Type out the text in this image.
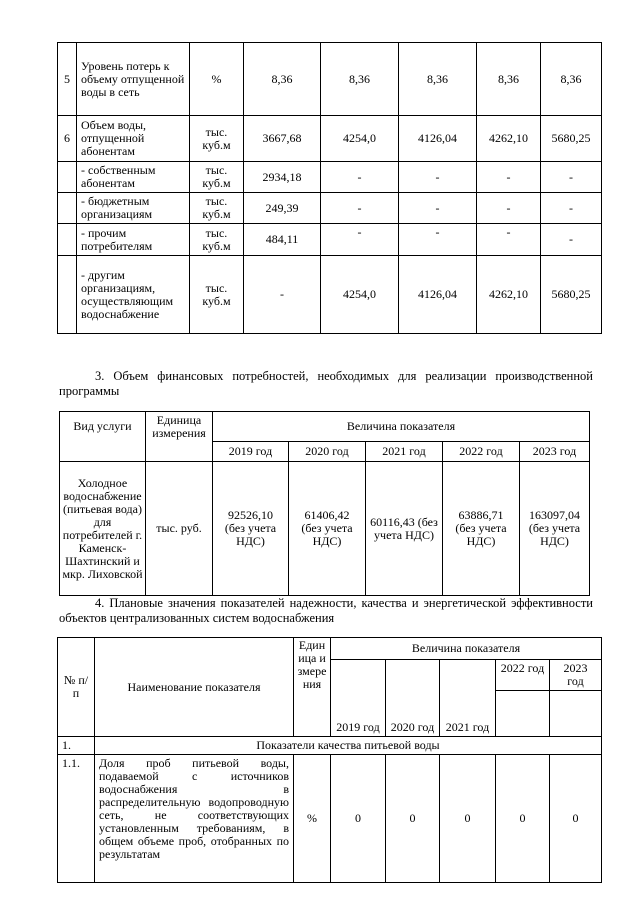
5	Уровень потерь к объему отпущенной воды в сеть	%	8,36	8,36	8,36	8,36	8,36
6	Объем воды, отпущенной абонентам	тыс. куб.м	3667,68	4254,0	4126,04	4262,10	5680,25
	- собственным абонентам	тыс. куб.м	2934,18	-	-	-	-
	- бюджетным организациям	тыс. куб.м	249,39	-	-	-	-
	- прочим потребителям	тыс. куб.м	484,11	-	-	-	-
	- другим организациям, осуществляющим водоснабжение	тыс. куб.м	-	4254,0	4126,04	4262,10	5680,25
3. Объем финансовых потребностей, необходимых для реализации производственной программы
Вид услуги	Единица измерения	Величина показателя				
		2019 год	2020 год	2021 год	2022 год	2023 год
Холодное водоснабжение (питьевая вода) для потребителей г. Каменск-Шахтинский и мкр. Лиховской	тыс. руб.	92526,10 (без учета НДС)	61406,42 (без учета НДС)	60116,43 (без учета НДС)	63886,71 (без учета НДС)	163097,04 (без учета НДС)
4. Плановые значения показателей надежности, качества и энергетической эффективности объектов централизованных систем водоснабжения
№ п/п	Наименование показателя	Единица измерения	Величина показателя				
			2019 год	2020 год	2021 год	2022 год	2023 год

1.	Показатели качества питьевой воды						
1.1.	Доля проб питьевой воды, подаваемой с источников водоснабжения в распределительную водопроводную сеть, не соответствующих установленным требованиям, в общем объеме проб, отобранных по результатам	%	0	0	0	0	0
